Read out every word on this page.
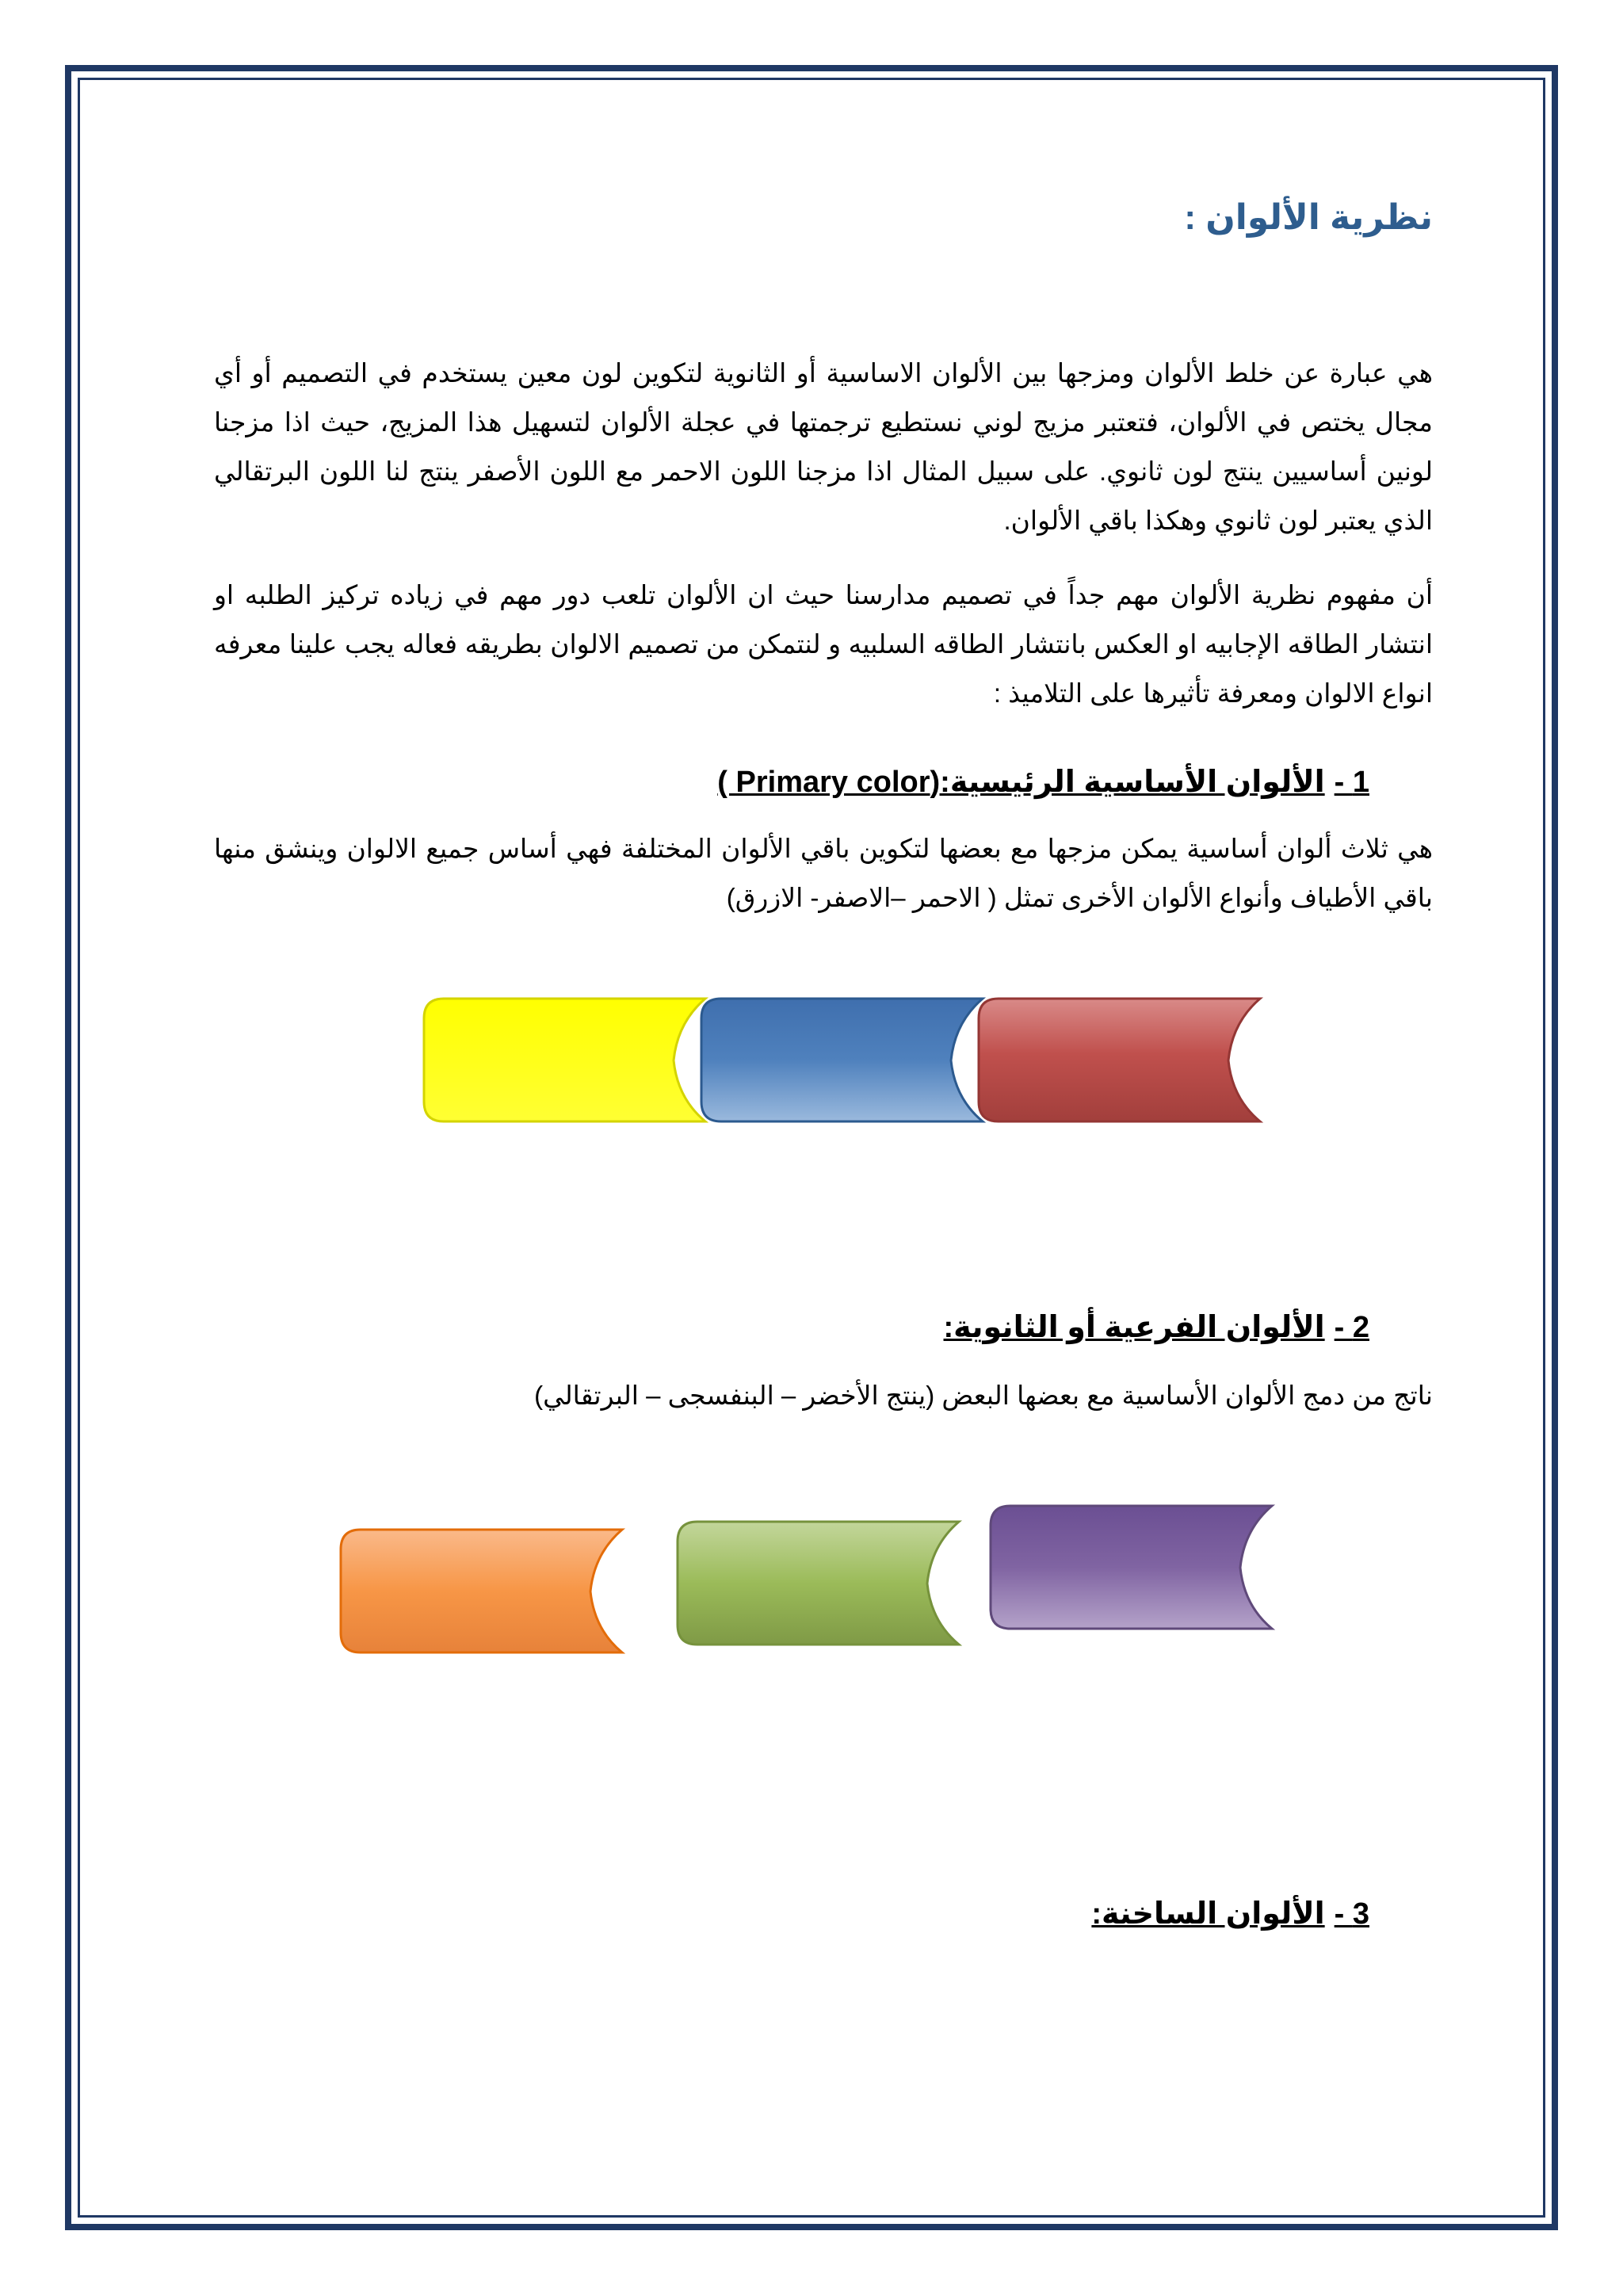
نظرية الألوان :

هي عبارة عن خلط الألوان ومزجها بين الألوان الاساسية أو الثانوية لتكوين لون معين يستخدم في التصميم أو أي مجال يختص في الألوان، فتعتبر مزيج لوني نستطيع ترجمتها في عجلة الألوان لتسهيل هذا المزيج، حيث اذا مزجنا لونين أساسيين ينتج لون ثانوي. على سبيل المثال اذا مزجنا اللون الاحمر مع اللون الأصفر ينتج لنا اللون البرتقالي الذي يعتبر لون ثانوي وهكذا باقي الألوان.

أن مفهوم نظرية الألوان مهم جداً في تصميم مدارسنا حيث ان الألوان تلعب دور مهم في زياده تركيز الطلبه او انتشار الطاقه الإجابيه او العكس بانتشار الطاقه السلبيه و لنتمكن من تصميم الالوان بطريقه فعاله يجب علينا معرفه انواع الالوان ومعرفة تأثيرها على التلاميذ :

1 -الألوان الأساسية الرئيسية:(Primary color )

هي ثلاث ألوان أساسية يمكن مزجها مع بعضها لتكوين باقي الألوان المختلفة فهي أساس جميع الالوان وينشق منها باقي الأطياف وأنواع الألوان الأخرى تمثل ( الاحمر –الاصفر- الازرق)

2 -الألوان الفرعية أو الثانوية:

ناتج من دمج الألوان الأساسية مع بعضها البعض (ينتج الأخضر – البنفسجى – البرتقالي)

3 -الألوان الساخنة:
